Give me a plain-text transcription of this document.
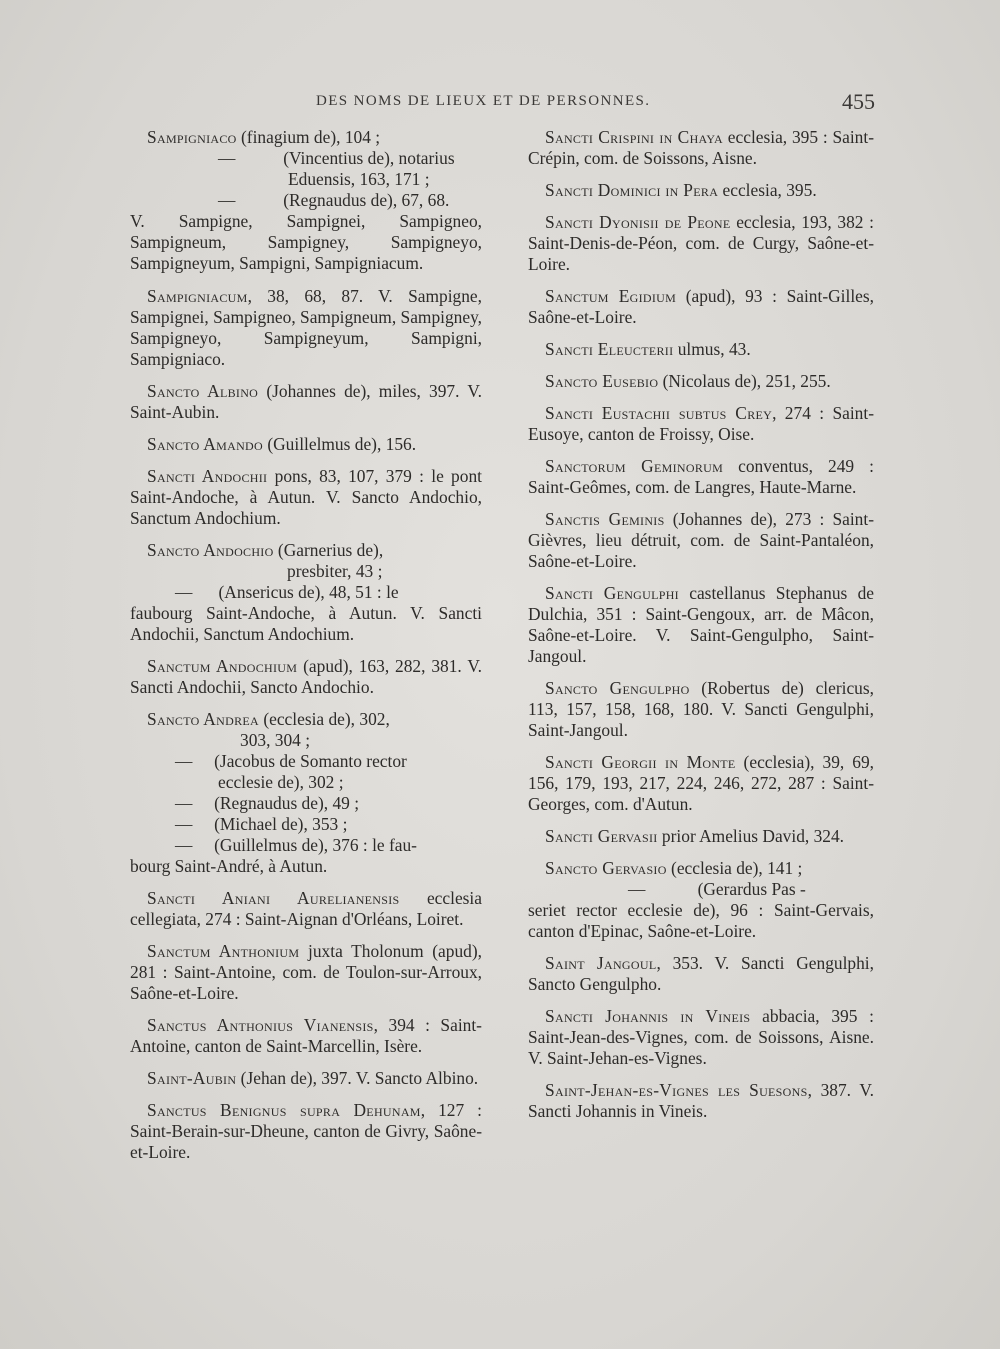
DES NOMS DE LIEUX ET DE PERSONNES.	455

Sampigniaco (finagium de), 104 ;
—	(Vincentius de), notarius
Eduensis, 163, 171 ;
—	(Regnaudus de), 67, 68.
V. Sampigne, Sampignei, Sampigneo, Sampigneum, Sampigney, Sampigneyo, Sampigneyum, Sampigni, Sampigniacum.

Sampigniacum, 38, 68, 87. V. Sampigne, Sampignei, Sampigneo, Sampigneum, Sampigney, Sampigneyo, Sampigneyum, Sampigni, Sampigniaco.

Sancto Albino (Johannes de), miles, 397. V. Saint-Aubin.

Sancto Amando (Guillelmus de), 156.

Sancti Andochii pons, 83, 107, 379 : le pont Saint-Andoche, à Autun. V. Sancto Andochio, Sanctum Andochium.

Sancto Andochio (Garnerius de),
presbiter, 43 ;
— (Ansericus de), 48, 51 : le
faubourg Saint-Andoche, à Autun. V. Sancti Andochii, Sanctum Andochium.

Sanctum Andochium (apud), 163, 282, 381. V. Sancti Andochii, Sancto Andochio.

Sancto Andrea (ecclesia de), 302,
303, 304 ;
— (Jacobus de Somanto rector
ecclesie de), 302 ;
— (Regnaudus de), 49 ;
— (Michael de), 353 ;
— (Guillelmus de), 376 : le fau-
bourg Saint-André, à Autun.

Sancti Aniani Aurelianensis ecclesia cellegiata, 274 : Saint-Aignan d'Orléans, Loiret.

Sanctum Anthonium juxta Tholonum (apud), 281 : Saint-Antoine, com. de Toulon-sur-Arroux, Saône-et-Loire.

Sanctus Anthonius Vianensis, 394 : Saint-Antoine, canton de Saint-Marcellin, Isère.

Saint-Aubin (Jehan de), 397. V. Sancto Albino.

Sanctus Benignus supra Dehunam, 127 : Saint-Berain-sur-Dheune, canton de Givry, Saône-et-Loire.

Sancti Crispini in Chaya ecclesia, 395 : Saint-Crépin, com. de Soissons, Aisne.

Sancti Dominici in Pera ecclesia, 395.

Sancti Dyonisii de Peone ecclesia, 193, 382 : Saint-Denis-de-Péon, com. de Curgy, Saône-et-Loire.

Sanctum Egidium (apud), 93 : Saint-Gilles, Saône-et-Loire.

Sancti Eleucterii ulmus, 43.

Sancto Eusebio (Nicolaus de), 251, 255.

Sancti Eustachii subtus Crey, 274 : Saint-Eusoye, canton de Froissy, Oise.

Sanctorum Geminorum conventus, 249 : Saint-Geômes, com. de Langres, Haute-Marne.

Sanctis Geminis (Johannes de), 273 : Saint-Gièvres, lieu détruit, com. de Saint-Pantaléon, Saône-et-Loire.

Sancti Gengulphi castellanus Stephanus de Dulchia, 351 : Saint-Gengoux, arr. de Mâcon, Saône-et-Loire. V. Saint-Gengulpho, Saint-Jangoul.

Sancto Gengulpho (Robertus de) clericus, 113, 157, 158, 168, 180. V. Sancti Gengulphi, Saint-Jangoul.

Sancti Georgii in Monte (ecclesia), 39, 69, 156, 179, 193, 217, 224, 246, 272, 287 : Saint-Georges, com. d'Autun.

Sancti Gervasii prior Amelius David, 324.

Sancto Gervasio (ecclesia de), 141 ;
—	(Gerardus Pas -
seriet rector ecclesie de), 96 : Saint-Gervais, canton d'Epinac, Saône-et-Loire.

Saint Jangoul, 353. V. Sancti Gengulphi, Sancto Gengulpho.

Sancti Johannis in Vineis abbacia, 395 : Saint-Jean-des-Vignes, com. de Soissons, Aisne. V. Saint-Jehan-es-Vignes.

Saint-Jehan-es-Vignes les Suesons, 387. V. Sancti Johannis in Vineis.
